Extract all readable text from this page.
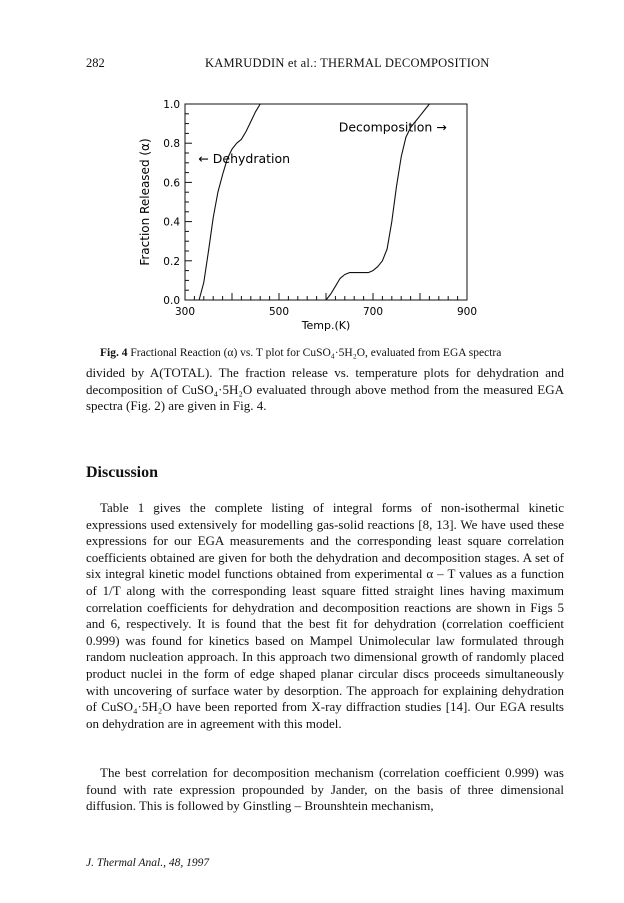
282	KAMRUDDIN et al.: THERMAL DECOMPOSITION
Fraction Released (α)
300	500	700	900
0.0
0.2
0.4
0.6
0.8
1.0
Decomposition →
← Dehydration
Temp.(K)
Fig. 4 Fractional Reaction (α) vs. T plot for CuSO₄·5H₂O, evaluated from EGA spectra

divided by A(TOTAL). The fraction release vs. temperature plots for dehydration and decomposition of CuSO₄·5H₂O evaluated through above method from the measured EGA spectra (Fig. 2) are given in Fig. 4.

Discussion

Table 1 gives the complete listing of integral forms of non-isothermal kinetic expressions used extensively for modelling gas-solid reactions [8, 13]. We have used these expressions for our EGA measurements and the corresponding least square correlation coefficients obtained are given for both the dehydration and decomposition stages. A set of six integral kinetic model functions obtained from experimental α – T values as a function of 1/T along with the corresponding least square fitted straight lines having maximum correlation coefficients for dehydration and decomposition reactions are shown in Figs 5 and 6, respectively. It is found that the best fit for dehydration (correlation coefficient 0.999) was found for kinetics based on Mampel Unimolecular law formulated through random nucleation approach. In this approach two dimensional growth of randomly placed product nuclei in the form of edge shaped planar circular discs proceeds simultaneously with uncovering of surface water by desorption. The approach for explaining dehydration of CuSO₄·5H₂O have been reported from X-ray diffraction studies [14]. Our EGA results on dehydration are in agreement with this model.

The best correlation for decomposition mechanism (correlation coefficient 0.999) was found with rate expression propounded by Jander, on the basis of three dimensional diffusion. This is followed by Ginstling – Brounshtein mechanism,

J. Thermal Anal., 48, 1997
